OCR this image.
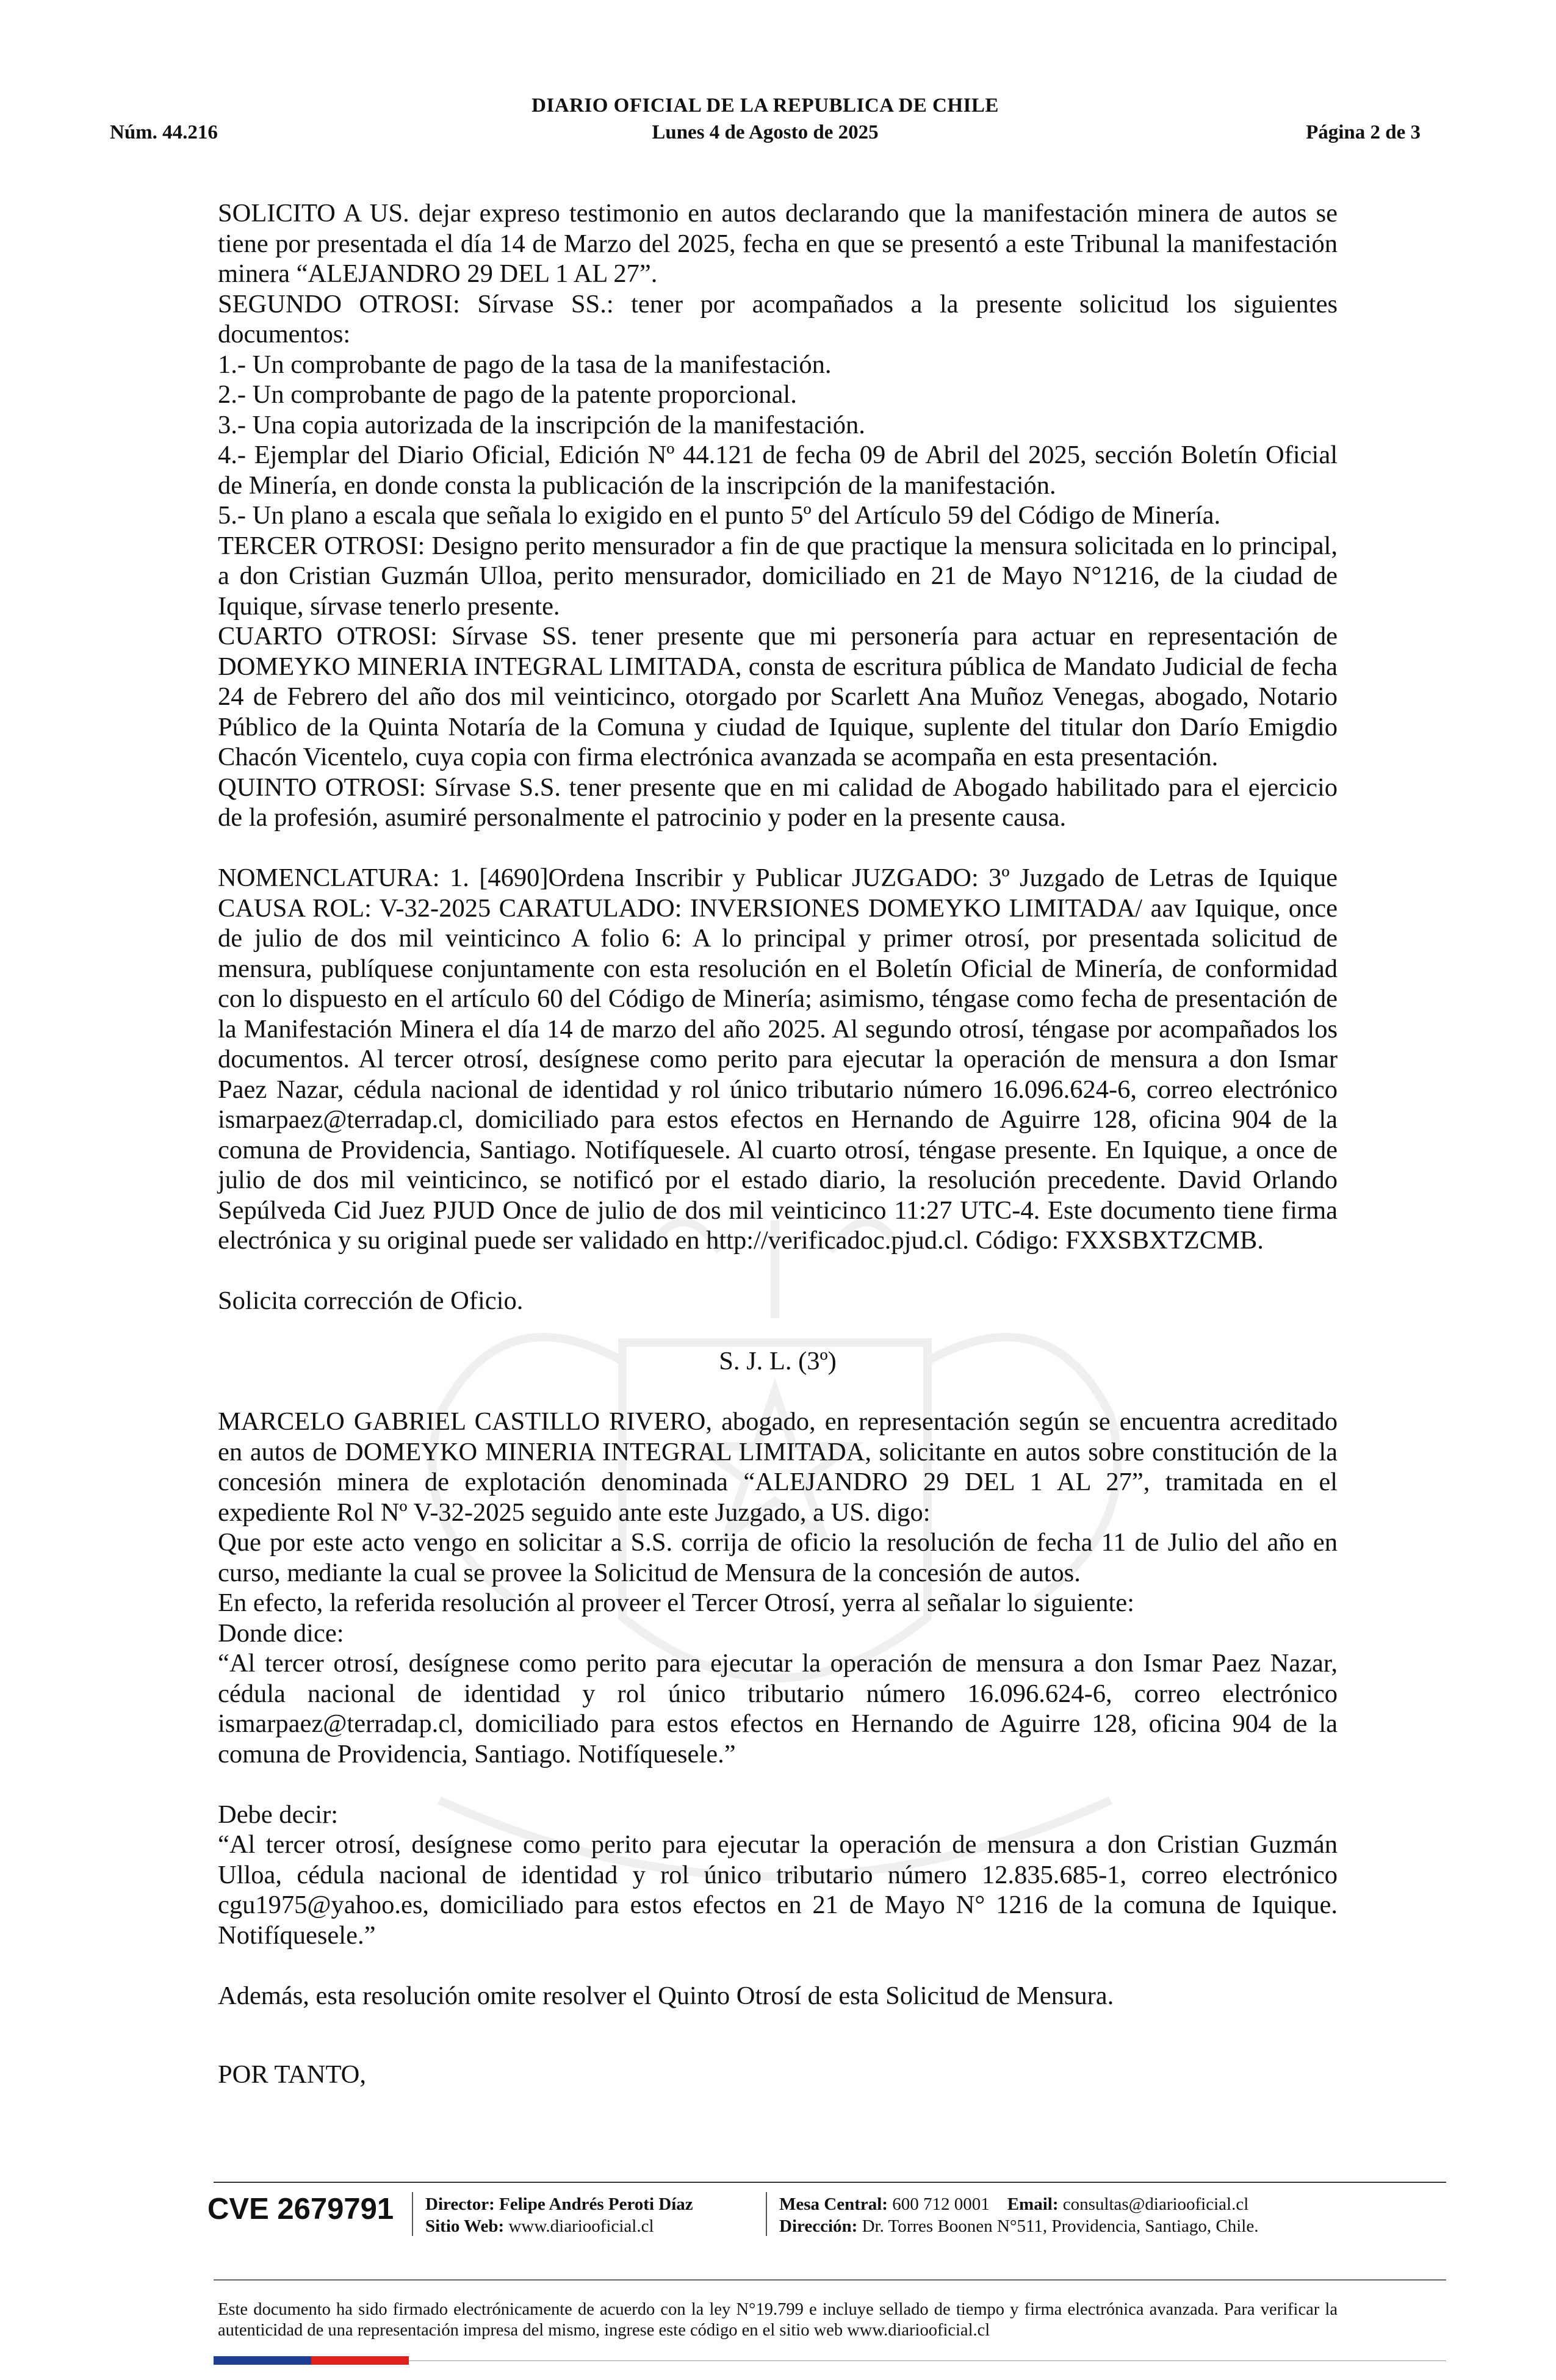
DIARIO OFICIAL DE LA REPUBLICA DE CHILE
Núm. 44.216	Lunes 4 de Agosto de 2025	Página 2 de 3

SOLICITO A US. dejar expreso testimonio en autos declarando que la manifestación minera de autos se tiene por presentada el día 14 de Marzo del 2025, fecha en que se presentó a este Tribunal la manifestación minera “ALEJANDRO 29 DEL 1 AL 27”.

SEGUNDO OTROSI: Sírvase SS.: tener por acompañados a la presente solicitud los siguientes documentos:

1.- Un comprobante de pago de la tasa de la manifestación.

2.- Un comprobante de pago de la patente proporcional.

3.- Una copia autorizada de la inscripción de la manifestación.

4.- Ejemplar del Diario Oficial, Edición Nº 44.121 de fecha 09 de Abril del 2025, sección Boletín Oficial de Minería, en donde consta la publicación de la inscripción de la manifestación.

5.- Un plano a escala que señala lo exigido en el punto 5º del Artículo 59 del Código de Minería.

TERCER OTROSI: Designo perito mensurador a fin de que practique la mensura solicitada en lo principal, a don Cristian Guzmán Ulloa, perito mensurador, domiciliado en 21 de Mayo N°1216, de la ciudad de Iquique, sírvase tenerlo presente.

CUARTO OTROSI: Sírvase SS. tener presente que mi personería para actuar en representación de DOMEYKO MINERIA INTEGRAL LIMITADA, consta de escritura pública de Mandato Judicial de fecha 24 de Febrero del año dos mil veinticinco, otorgado por Scarlett Ana Muñoz Venegas, abogado, Notario Público de la Quinta Notaría de la Comuna y ciudad de Iquique, suplente del titular don Darío Emigdio Chacón Vicentelo, cuya copia con firma electrónica avanzada se acompaña en esta presentación.

QUINTO OTROSI: Sírvase S.S. tener presente que en mi calidad de Abogado habilitado para el ejercicio de la profesión, asumiré personalmente el patrocinio y poder en la presente causa.

NOMENCLATURA: 1. [4690]Ordena Inscribir y Publicar JUZGADO: 3º Juzgado de Letras de Iquique CAUSA ROL: V-32-2025 CARATULADO: INVERSIONES DOMEYKO LIMITADA/ aav Iquique, once de julio de dos mil veinticinco A folio 6: A lo principal y primer otrosí, por presentada solicitud de mensura, publíquese conjuntamente con esta resolución en el Boletín Oficial de Minería, de conformidad con lo dispuesto en el artículo 60 del Código de Minería; asimismo, téngase como fecha de presentación de la Manifestación Minera el día 14 de marzo del año 2025. Al segundo otrosí, téngase por acompañados los documentos. Al tercer otrosí, desígnese como perito para ejecutar la operación de mensura a don Ismar Paez Nazar, cédula nacional de identidad y rol único tributario número 16.096.624-6, correo electrónico ismarpaez@terradap.cl, domiciliado para estos efectos en Hernando de Aguirre 128, oficina 904 de la comuna de Providencia, Santiago. Notifíquesele. Al cuarto otrosí, téngase presente. En Iquique, a once de julio de dos mil veinticinco, se notificó por el estado diario, la resolución precedente. David Orlando Sepúlveda Cid Juez PJUD Once de julio de dos mil veinticinco 11:27 UTC-4. Este documento tiene firma electrónica y su original puede ser validado en http://verificadoc.pjud.cl. Código: FXXSBXTZCMB.

Solicita corrección de Oficio.

S. J. L. (3º)

MARCELO GABRIEL CASTILLO RIVERO, abogado, en representación según se encuentra acreditado en autos de DOMEYKO MINERIA INTEGRAL LIMITADA, solicitante en autos sobre constitución de la concesión minera de explotación denominada “ALEJANDRO 29 DEL 1 AL 27”, tramitada en el expediente Rol Nº V-32-2025 seguido ante este Juzgado, a US. digo:

Que por este acto vengo en solicitar a S.S. corrija de oficio la resolución de fecha 11 de Julio del año en curso, mediante la cual se provee la Solicitud de Mensura de la concesión de autos.

En efecto, la referida resolución al proveer el Tercer Otrosí, yerra al señalar lo siguiente:

Donde dice:

“Al tercer otrosí, desígnese como perito para ejecutar la operación de mensura a don Ismar Paez Nazar, cédula nacional de identidad y rol único tributario número 16.096.624-6, correo electrónico ismarpaez@terradap.cl, domiciliado para estos efectos en Hernando de Aguirre 128, oficina 904 de la comuna de Providencia, Santiago. Notifíquesele.”

Debe decir:

“Al tercer otrosí, desígnese como perito para ejecutar la operación de mensura a don Cristian Guzmán Ulloa, cédula nacional de identidad y rol único tributario número 12.835.685-1, correo electrónico cgu1975@yahoo.es, domiciliado para estos efectos en 21 de Mayo N° 1216 de la comuna de Iquique. Notifíquesele.”

Además, esta resolución omite resolver el Quinto Otrosí de esta Solicitud de Mensura.

POR TANTO,

CVE 2679791 Director: Felipe Andrés Peroti Díaz
Sitio Web: www.diariooficial.cl
Mesa Central: 600 712 0001 Email: consultas@diariooficial.cl
Dirección: Dr. Torres Boonen N°511, Providencia, Santiago, Chile.
Este documento ha sido firmado electrónicamente de acuerdo con la ley N°19.799 e incluye sellado de tiempo y firma electrónica avanzada. Para verificar la autenticidad de una representación impresa del mismo, ingrese este código en el sitio web www.diariooficial.cl
